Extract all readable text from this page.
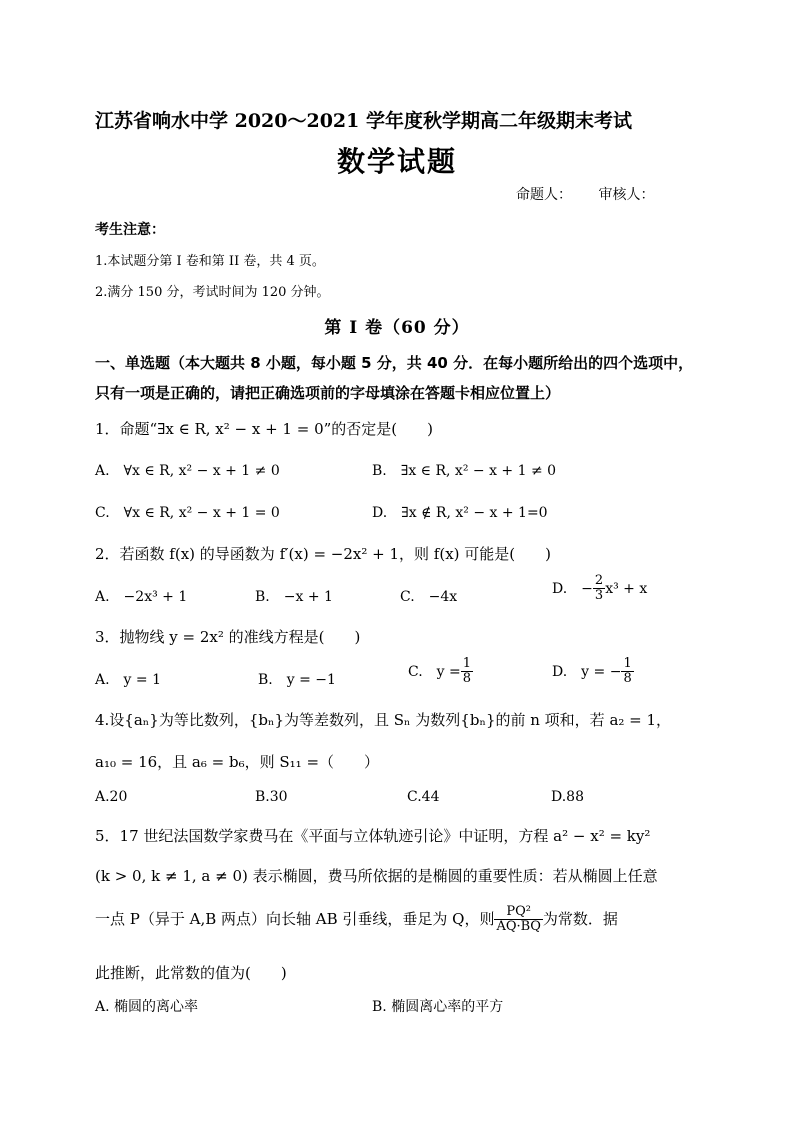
江苏省响水中学 2020～2021 学年度秋学期高二年级期末考试
数学试题
命题人： 审核人：
考生注意：
1.本试题分第 I 卷和第 II 卷，共 4 页。
2.满分 150 分，考试时间为 120 分钟。
第 I 卷（60 分）
一、单选题（本大题共 8 小题，每小题 5 分，共 40 分．在每小题所给出的四个选项中，
只有一项是正确的，请把正确选项前的字母填涂在答题卡相应位置上）
1．命题“∃x ∈ R, x² − x + 1 = 0”的否定是(　　)
A.　∀x ∈ R, x² − x + 1 ≠ 0	B.　∃x ∈ R, x² − x + 1 ≠ 0
C.　∀x ∈ R, x² − x + 1 = 0	D.　∃x ∉ R, x² − x + 1=0
2．若函数 f(x) 的导函数为 f′(x) = −2x² + 1，则 f(x) 可能是(　　)
A.　−2x³ + 1	B.　−x + 1	C.　−4x
D.　− $\frac{2}{3} x^3 + x$
3．抛物线 y = 2x² 的准线方程是(　　)
A.　y = 1	B.　y = −1
C.　$y = \frac{1}{8}$	D.　y = − $\frac{1}{8}$
4.设{aₙ}为等比数列，{bₙ}为等差数列，且 Sₙ 为数列{bₙ}的前 n 项和，若 a₂ = 1，
a₁₀ = 16，且 a₆ = b₆，则 S₁₁ =（　　）
A.20	B.30	C.44	D.88
5．17 世纪法国数学家费马在《平面与立体轨迹引论》中证明，方程 a² − x² = ky²
(k > 0, k ≠ 1, a ≠ 0) 表示椭圆，费马所依据的是椭圆的重要性质：若从椭圆上任意
一点 P（异于 A,B 两点）向长轴 AB 引垂线，垂足为 Q，则 $\frac{\text{PQ²}}{AQ\cdot BQ}$ 为常数．据
此推断，此常数的值为(　　)
A. 椭圆的离心率	B. 椭圆离心率的平方
